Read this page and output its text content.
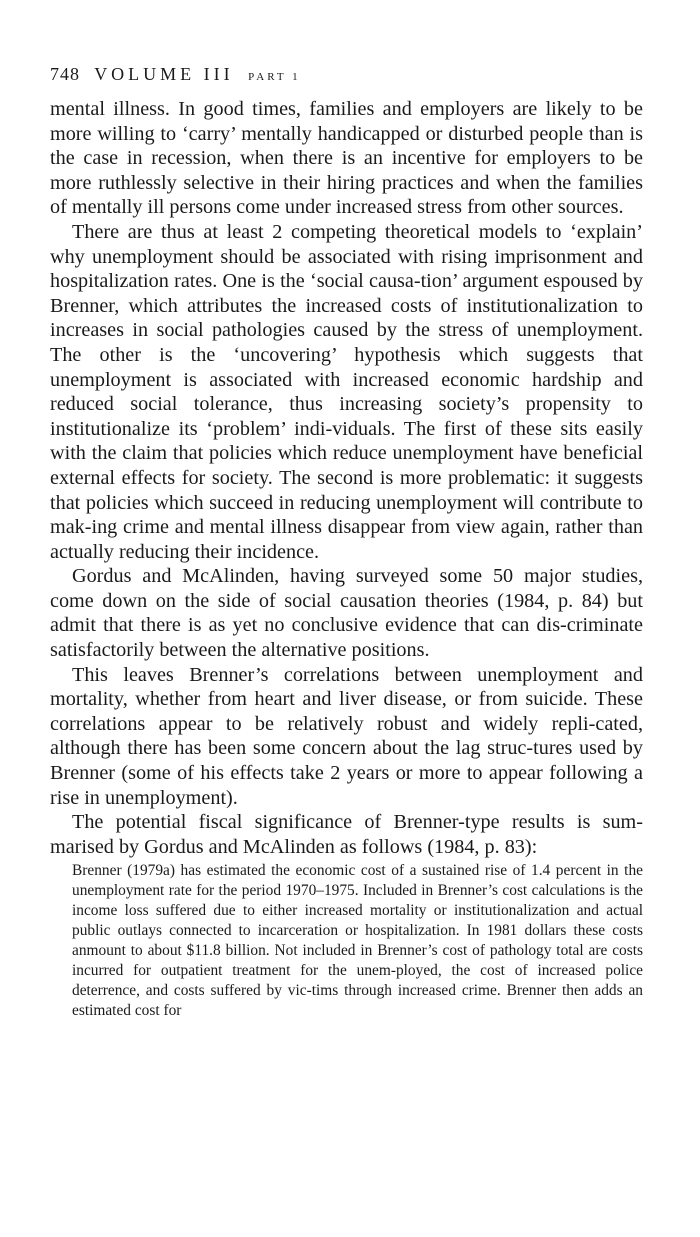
748 VOLUME III PART 1

mental illness. In good times, families and employers are likely to be more willing to ‘carry’ mentally handicapped or disturbed people than is the case in recession, when there is an incentive for employers to be more ruthlessly selective in their hiring practices and when the families of mentally ill persons come under increased stress from other sources.

There are thus at least 2 competing theoretical models to ‘explain’ why unemployment should be associated with rising imprisonment and hospitalization rates. One is the ‘social causa-tion’ argument espoused by Brenner, which attributes the increased costs of institutionalization to increases in social pathologies caused by the stress of unemployment. The other is the ‘uncovering’ hypothesis which suggests that unemployment is associated with increased economic hardship and reduced social tolerance, thus increasing society’s propensity to institutionalize its ‘problem’ indi-viduals. The first of these sits easily with the claim that policies which reduce unemployment have beneficial external effects for society. The second is more problematic: it suggests that policies which succeed in reducing unemployment will contribute to mak-ing crime and mental illness disappear from view again, rather than actually reducing their incidence.

Gordus and McAlinden, having surveyed some 50 major studies, come down on the side of social causation theories (1984, p. 84) but admit that there is as yet no conclusive evidence that can dis-criminate satisfactorily between the alternative positions.

This leaves Brenner’s correlations between unemployment and mortality, whether from heart and liver disease, or from suicide. These correlations appear to be relatively robust and widely repli-cated, although there has been some concern about the lag struc-tures used by Brenner (some of his effects take 2 years or more to appear following a rise in unemployment).

The potential fiscal significance of Brenner-type results is sum-marised by Gordus and McAlinden as follows (1984, p. 83):

Brenner (1979a) has estimated the economic cost of a sustained rise of 1.4 percent in the unemployment rate for the period 1970–1975. Included in Brenner’s cost calculations is the income loss suffered due to either increased mortality or institutionalization and actual public outlays connected to incarceration or hospitalization. In 1981 dollars these costs anmount to about $11.8 billion. Not included in Brenner’s cost of pathology total are costs incurred for outpatient treatment for the unem-ployed, the cost of increased police deterrence, and costs suffered by vic-tims through increased crime. Brenner then adds an estimated cost for
